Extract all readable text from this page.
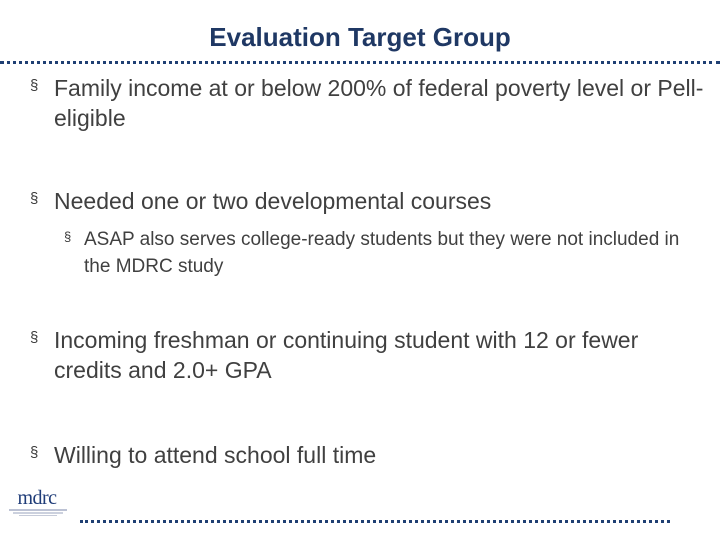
Evaluation Target Group
§ Family income at or below 200% of federal poverty level or Pell-eligible
§ Needed one or two developmental courses
§ ASAP also serves college-ready students but they were not included in the MDRC study
§ Incoming freshman or continuing student with 12 or fewer credits and 2.0+ GPA
§ Willing to attend school full time
mdrc
